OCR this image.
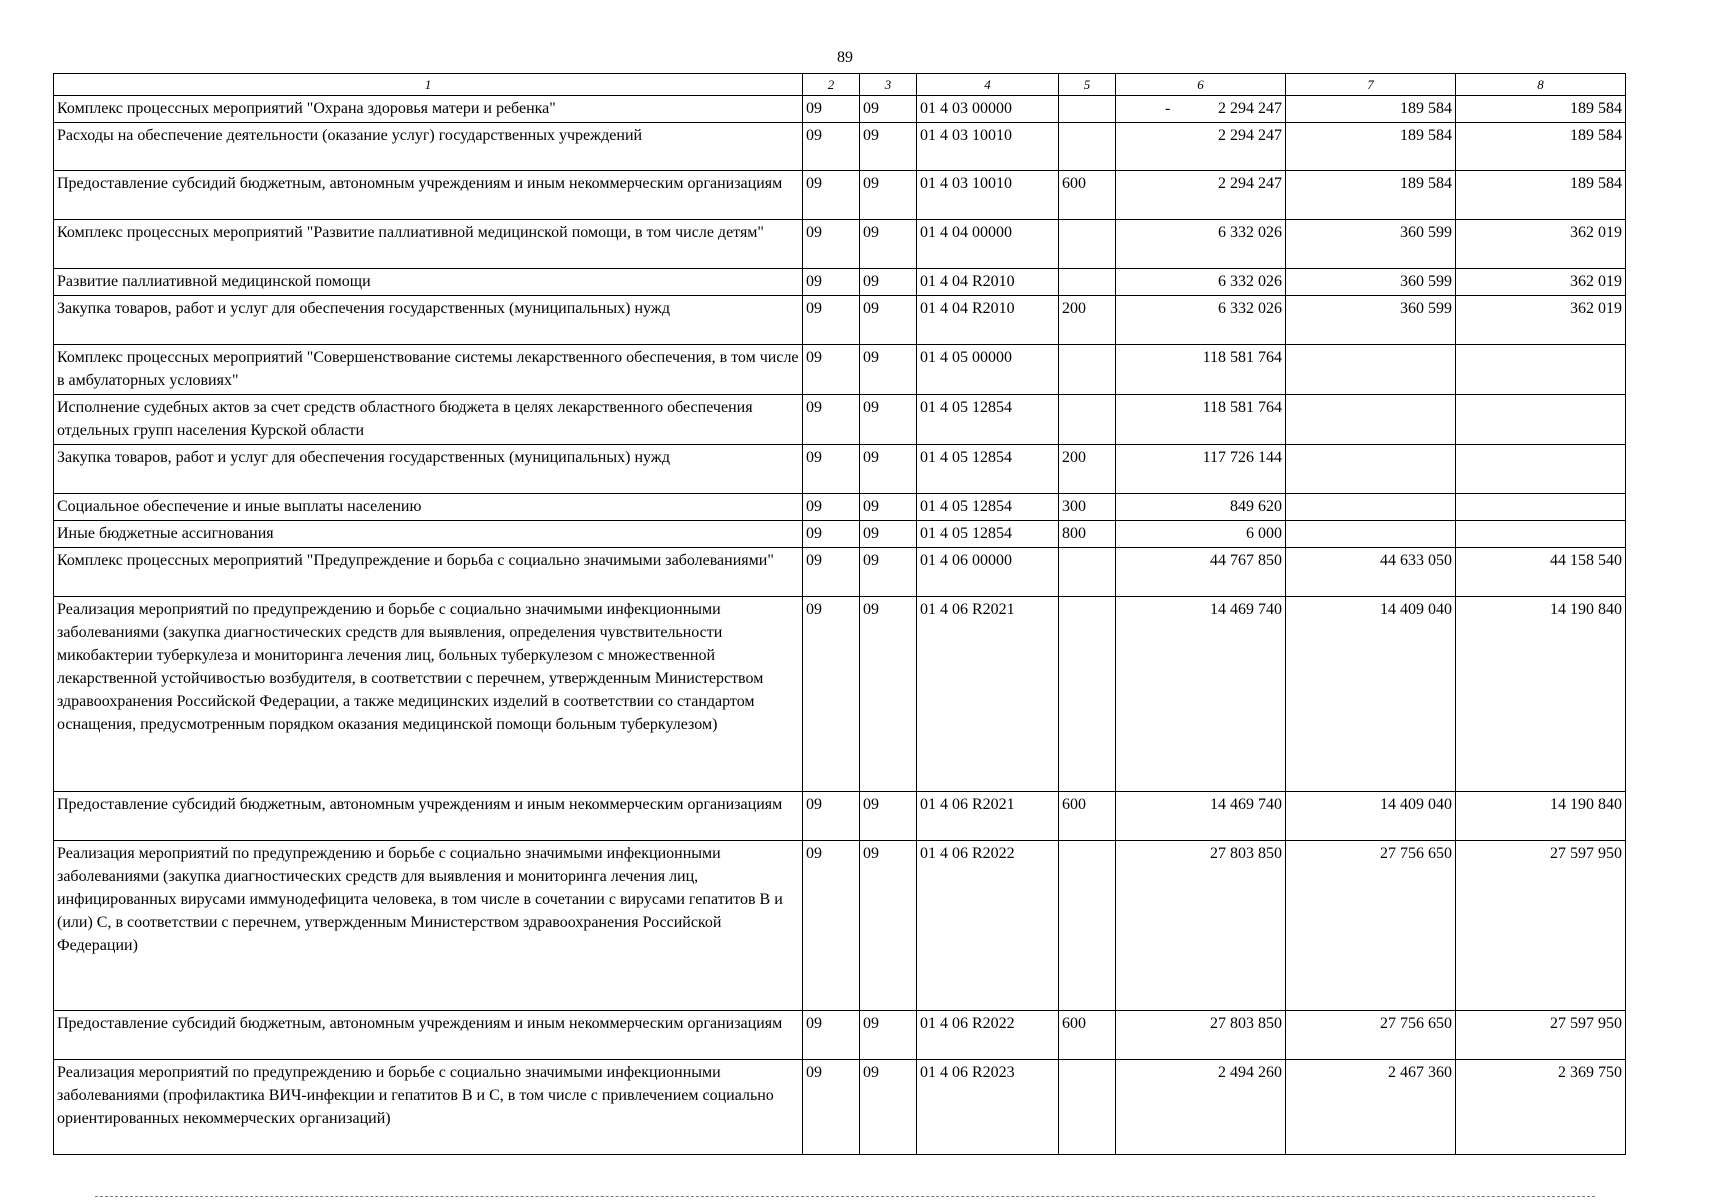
89
1	2	3	4	5	6	7	8
Комплекс процессных мероприятий "Охрана здоровья матери и ребенка"	09	09	01 4 03 00000		- 2 294 247	189 584	189 584
Расходы на обеспечение деятельности (оказание услуг) государственных учреждений	09	09	01 4 03 10010		2 294 247	189 584	189 584
Предоставление субсидий бюджетным, автономным учреждениям и иным некоммерческим организациям	09	09	01 4 03 10010	600	2 294 247	189 584	189 584
Комплекс процессных мероприятий "Развитие паллиативной медицинской помощи, в том числе детям"	09	09	01 4 04 00000		6 332 026	360 599	362 019
Развитие паллиативной медицинской помощи	09	09	01 4 04 R2010		6 332 026	360 599	362 019
Закупка товаров, работ и услуг для обеспечения государственных (муниципальных) нужд	09	09	01 4 04 R2010	200	6 332 026	360 599	362 019
Комплекс процессных мероприятий "Совершенствование системы лекарственного обеспечения, в том числе в амбулаторных условиях"	09	09	01 4 05 00000		118 581 764		
Исполнение судебных актов за счет средств областного бюджета в целях лекарственного обеспечения отдельных групп населения Курской области	09	09	01 4 05 12854		118 581 764		
Закупка товаров, работ и услуг для обеспечения государственных (муниципальных) нужд	09	09	01 4 05 12854	200	117 726 144		
Социальное обеспечение и иные выплаты населению	09	09	01 4 05 12854	300	849 620		
Иные бюджетные ассигнования	09	09	01 4 05 12854	800	6 000		
Комплекс процессных мероприятий "Предупреждение и борьба с социально значимыми заболеваниями"	09	09	01 4 06 00000		44 767 850	44 633 050	44 158 540
Реализация мероприятий по предупреждению и борьбе с социально значимыми инфекционными заболеваниями (закупка диагностических средств для выявления, определения чувствительности микобактерии туберкулеза и мониторинга лечения лиц, больных туберкулезом с множественной лекарственной устойчивостью возбудителя, в соответствии с перечнем, утвержденным Министерством здравоохранения Российской Федерации, а также медицинских изделий в соответствии со стандартом оснащения, предусмотренным порядком оказания медицинской помощи больным туберкулезом)	09	09	01 4 06 R2021		14 469 740	14 409 040	14 190 840
Предоставление субсидий бюджетным, автономным учреждениям и иным некоммерческим организациям	09	09	01 4 06 R2021	600	14 469 740	14 409 040	14 190 840
Реализация мероприятий по предупреждению и борьбе с социально значимыми инфекционными заболеваниями (закупка диагностических средств для выявления и мониторинга лечения лиц, инфицированных вирусами иммунодефицита человека, в том числе в сочетании с вирусами гепатитов B и (или) C, в соответствии с перечнем, утвержденным Министерством здравоохранения Российской Федерации)	09	09	01 4 06 R2022		27 803 850	27 756 650	27 597 950
Предоставление субсидий бюджетным, автономным учреждениям и иным некоммерческим организациям	09	09	01 4 06 R2022	600	27 803 850	27 756 650	27 597 950
Реализация мероприятий по предупреждению и борьбе с социально значимыми инфекционными заболеваниями (профилактика ВИЧ-инфекции и гепатитов B и C, в том числе с привлечением социально ориентированных некоммерческих организаций)	09	09	01 4 06 R2023		2 494 260	2 467 360	2 369 750
